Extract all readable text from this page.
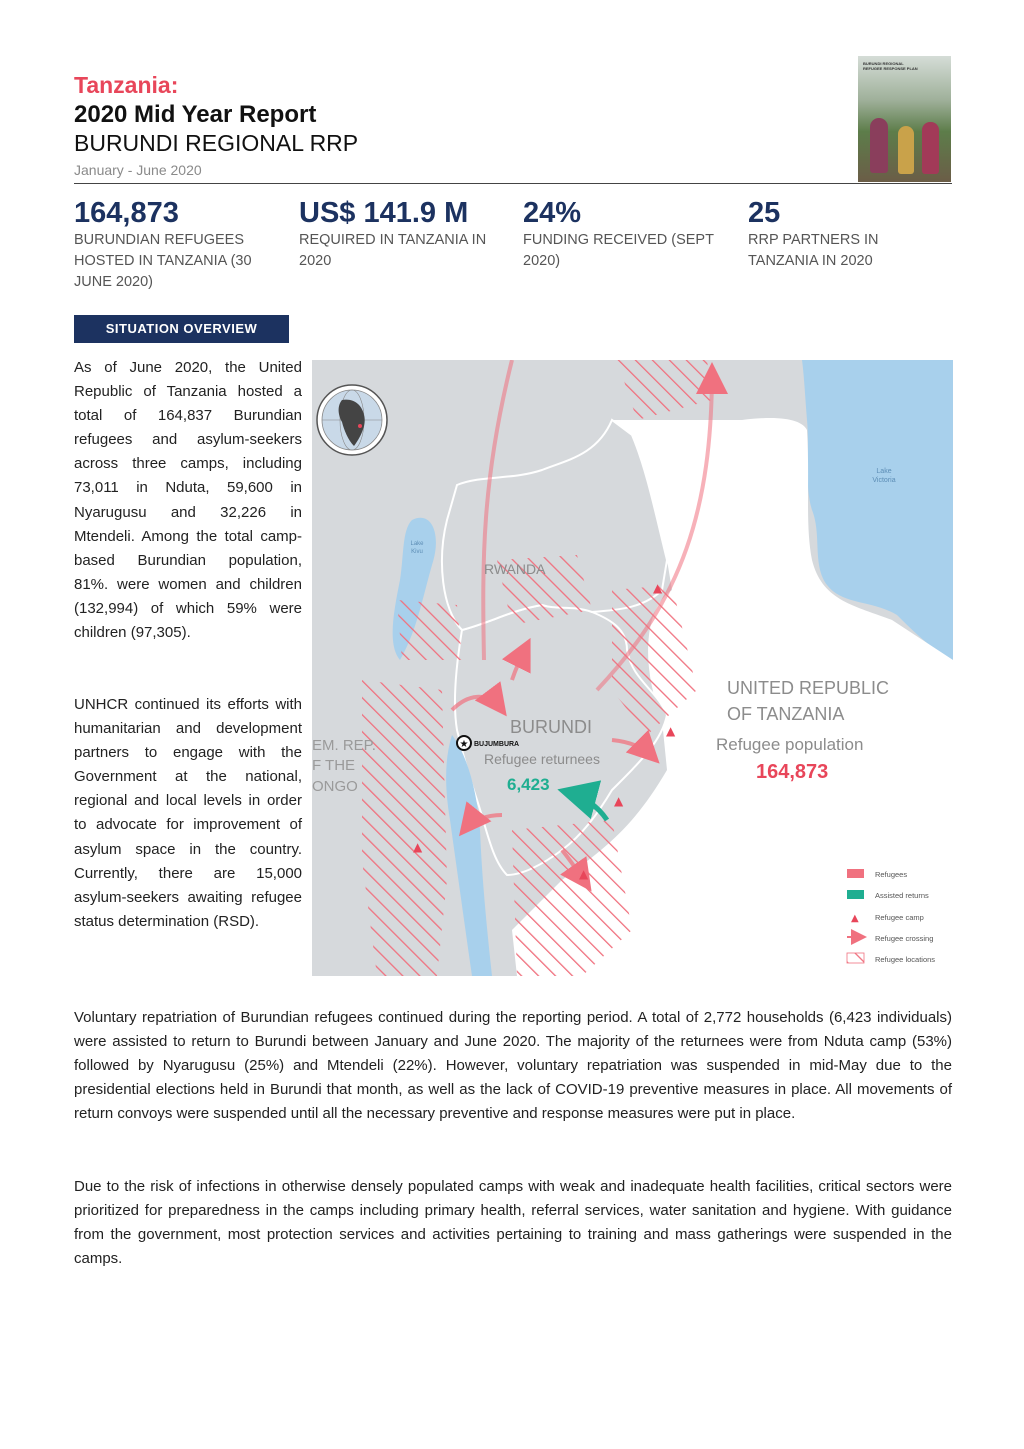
Tanzania:
2020 Mid Year Report
BURUNDI REGIONAL RRP
January - June 2020
BURUNDI REGIONAL REFUGEE RESPONSE PLAN
164,873
BURUNDIAN REFUGEES HOSTED IN TANZANIA (30 JUNE 2020)
US$ 141.9 M
REQUIRED IN TANZANIA IN 2020
24%
FUNDING RECEIVED (SEPT 2020)
25
RRP PARTNERS IN TANZANIA IN 2020
SITUATION OVERVIEW
As of June 2020, the United Republic of Tanzania hosted a total of 164,837 Burundian refugees and asylum-seekers across three camps, including 73,011 in Nduta, 59,600 in Nyarugusu and 32,226 in Mtendeli. Among the total camp- based Burundian population, 81%. were women and children (132,994) of which 59% were children (97,305).
UNHCR continued its efforts with humanitarian and development partners to engage with the Government at the national, regional and local levels in order to advocate for improvement of asylum space in the country. Currently, there are 15,000 asylum-seekers awaiting refugee status determination (RSD).
▲
▲
▲
▲
▲
Lake
Victoria
Lake
Kivu
RWANDA
BURUNDI
★ BUJUMBURA
Refugee returnees
6,423
EM. REP.
F THE
ONGO
UNITED REPUBLIC
OF TANZANIA
Refugee population
164,873
Refugees
Assisted returns
▲ Refugee camp
Refugee crossing
Refugee locations
Voluntary repatriation of Burundian refugees continued during the reporting period. A total of 2,772 households (6,423 individuals) were assisted to return to Burundi between January and June 2020. The majority of the returnees were from Nduta camp (53%) followed by Nyarugusu (25%) and Mtendeli (22%). However, voluntary repatriation was suspended in mid-May due to the presidential elections held in Burundi that month, as well as the lack of COVID-19 preventive measures in place. All movements of return convoys were suspended until all the necessary preventive and response measures were put in place.
Due to the risk of infections in otherwise densely populated camps with weak and inadequate health facilities, critical sectors were prioritized for preparedness in the camps including primary health, referral services, water sanitation and hygiene. With guidance from the government, most protection services and activities pertaining to training and mass gatherings were suspended in the camps.
